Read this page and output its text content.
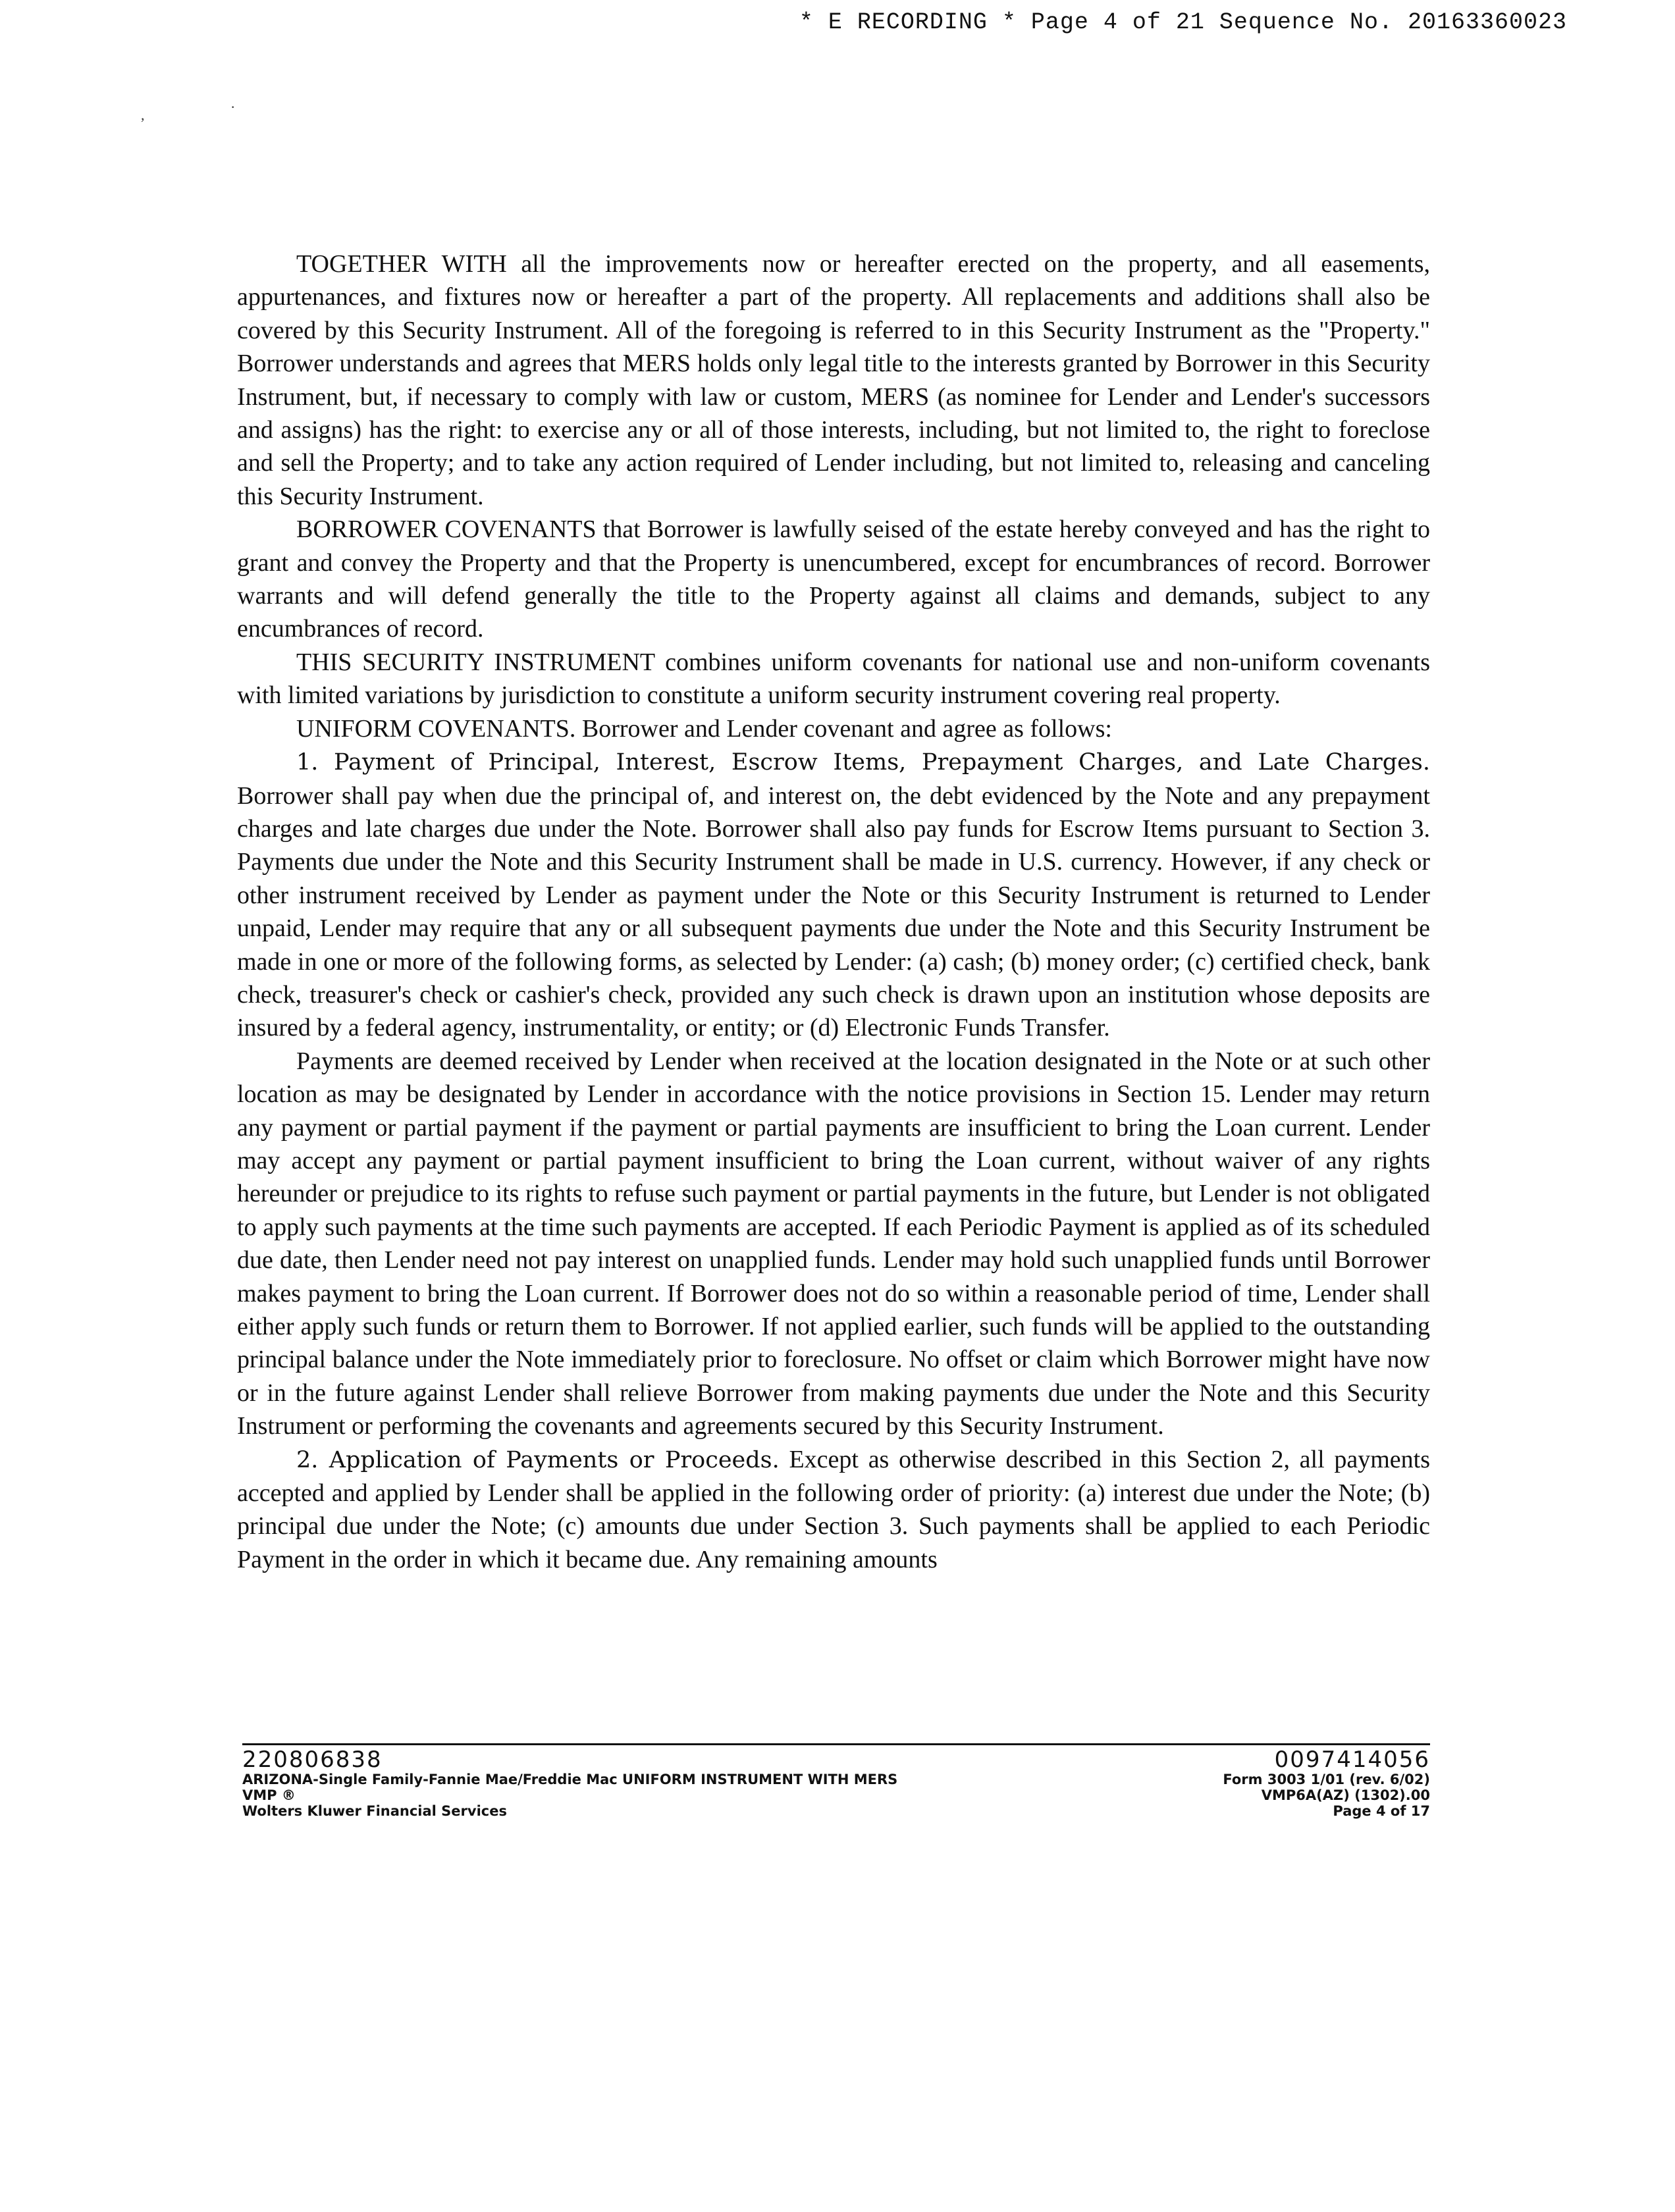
* E RECORDING * Page 4 of 21 Sequence No. 20163360023
,	·

TOGETHER WITH all the improvements now or hereafter erected on the property, and all easements, appurtenances, and fixtures now or hereafter a part of the property. All replacements and additions shall also be covered by this Security Instrument. All of the foregoing is referred to in this Security Instrument as the "Property." Borrower understands and agrees that MERS holds only legal title to the interests granted by Borrower in this Security Instrument, but, if necessary to comply with law or custom, MERS (as nominee for Lender and Lender's successors and assigns) has the right: to exercise any or all of those interests, including, but not limited to, the right to foreclose and sell the Property; and to take any action required of Lender including, but not limited to, releasing and canceling this Security Instrument.

BORROWER COVENANTS that Borrower is lawfully seised of the estate hereby conveyed and has the right to grant and convey the Property and that the Property is unencumbered, except for encumbrances of record. Borrower warrants and will defend generally the title to the Property against all claims and demands, subject to any encumbrances of record.

THIS SECURITY INSTRUMENT combines uniform covenants for national use and non-uniform covenants with limited variations by jurisdiction to constitute a uniform security instrument covering real property.

UNIFORM COVENANTS. Borrower and Lender covenant and agree as follows:

1. Payment of Principal, Interest, Escrow Items, Prepayment Charges, and Late Charges. Borrower shall pay when due the principal of, and interest on, the debt evidenced by the Note and any prepayment charges and late charges due under the Note. Borrower shall also pay funds for Escrow Items pursuant to Section 3. Payments due under the Note and this Security Instrument shall be made in U.S. currency. However, if any check or other instrument received by Lender as payment under the Note or this Security Instrument is returned to Lender unpaid, Lender may require that any or all subsequent payments due under the Note and this Security Instrument be made in one or more of the following forms, as selected by Lender: (a) cash; (b) money order; (c) certified check, bank check, treasurer's check or cashier's check, provided any such check is drawn upon an institution whose deposits are insured by a federal agency, instrumentality, or entity; or (d) Electronic Funds Transfer.

Payments are deemed received by Lender when received at the location designated in the Note or at such other location as may be designated by Lender in accordance with the notice provisions in Section 15. Lender may return any payment or partial payment if the payment or partial payments are insufficient to bring the Loan current. Lender may accept any payment or partial payment insufficient to bring the Loan current, without waiver of any rights hereunder or prejudice to its rights to refuse such payment or partial payments in the future, but Lender is not obligated to apply such payments at the time such payments are accepted. If each Periodic Payment is applied as of its scheduled due date, then Lender need not pay interest on unapplied funds. Lender may hold such unapplied funds until Borrower makes payment to bring the Loan current. If Borrower does not do so within a reasonable period of time, Lender shall either apply such funds or return them to Borrower. If not applied earlier, such funds will be applied to the outstanding principal balance under the Note immediately prior to foreclosure. No offset or claim which Borrower might have now or in the future against Lender shall relieve Borrower from making payments due under the Note and this Security Instrument or performing the covenants and agreements secured by this Security Instrument.

2. Application of Payments or Proceeds. Except as otherwise described in this Section 2, all payments accepted and applied by Lender shall be applied in the following order of priority: (a) interest due under the Note; (b) principal due under the Note; (c) amounts due under Section 3. Such payments shall be applied to each Periodic Payment in the order in which it became due. Any remaining amounts

220806838
ARIZONA-Single Family-Fannie Mae/Freddie Mac UNIFORM INSTRUMENT WITH MERS
VMP ®
Wolters Kluwer Financial Services
0097414056
Form 3003 1/01 (rev. 6/02)
VMP6A(AZ) (1302).00
Page 4 of 17
